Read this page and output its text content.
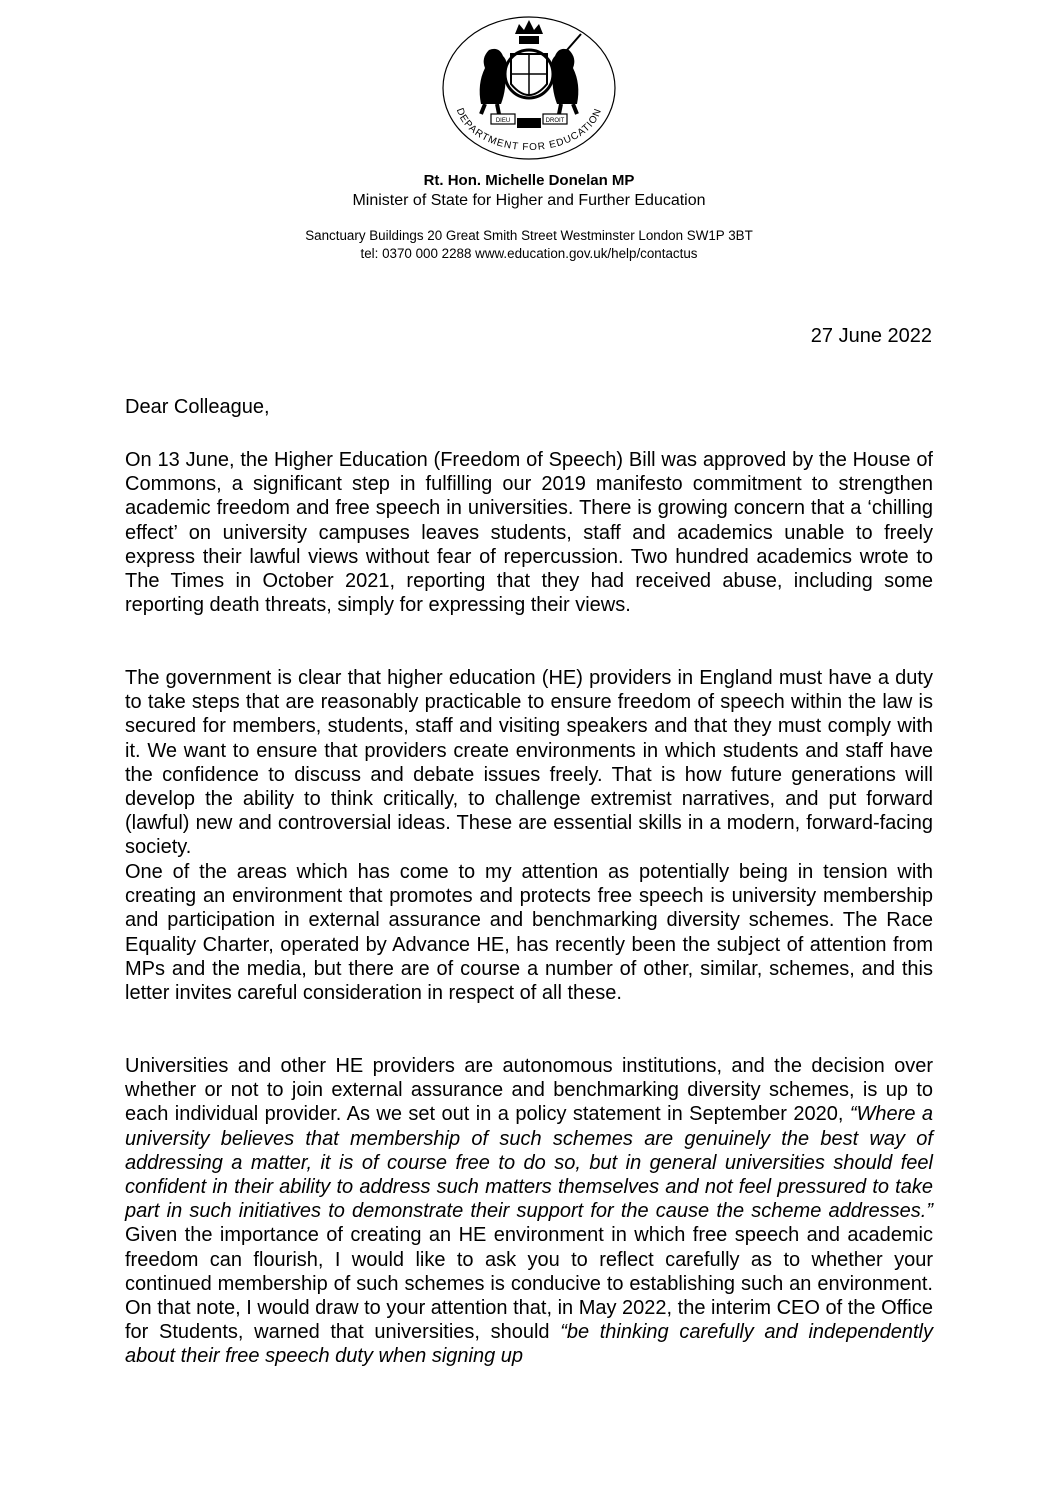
DIEU	DROIT
DEPARTMENT FOR EDUCATION
Rt. Hon. Michelle Donelan MP
Minister of State for Higher and Further Education
Sanctuary Buildings 20 Great Smith Street Westminster London SW1P 3BT
tel: 0370 000 2288 www.education.gov.uk/help/contactus
27 June 2022
Dear Colleague,

On 13 June, the Higher Education (Freedom of Speech) Bill was approved by the House of Commons, a significant step in fulfilling our 2019 manifesto commitment to strengthen academic freedom and free speech in universities. There is growing concern that a ‘chilling effect’ on university campuses leaves students, staff and academics unable to freely express their lawful views without fear of repercussion. Two hundred academics wrote to The Times in October 2021, reporting that they had received abuse, including some reporting death threats, simply for expressing their views.

The government is clear that higher education (HE) providers in England must have a duty to take steps that are reasonably practicable to ensure freedom of speech within the law is secured for members, students, staff and visiting speakers and that they must comply with it. We want to ensure that providers create environments in which students and staff have the confidence to discuss and debate issues freely. That is how future generations will develop the ability to think critically, to challenge extremist narratives, and put forward (lawful) new and controversial ideas. These are essential skills in a modern, forward-facing society.

One of the areas which has come to my attention as potentially being in tension with creating an environment that promotes and protects free speech is university membership and participation in external assurance and benchmarking diversity schemes. The Race Equality Charter, operated by Advance HE, has recently been the subject of attention from MPs and the media, but there are of course a number of other, similar, schemes, and this letter invites careful consideration in respect of all these.

Universities and other HE providers are autonomous institutions, and the decision over whether or not to join external assurance and benchmarking diversity schemes, is up to each individual provider. As we set out in a policy statement in September 2020, “Where a university believes that membership of such schemes are genuinely the best way of addressing a matter, it is of course free to do so, but in general universities should feel confident in their ability to address such matters themselves and not feel pressured to take part in such initiatives to demonstrate their support for the cause the scheme addresses.” Given the importance of creating an HE environment in which free speech and academic freedom can flourish, I would like to ask you to reflect carefully as to whether your continued membership of such schemes is conducive to establishing such an environment. On that note, I would draw to your attention that, in May 2022, the interim CEO of the Office for Students, warned that universities, should “be thinking carefully and independently about their free speech duty when signing up
